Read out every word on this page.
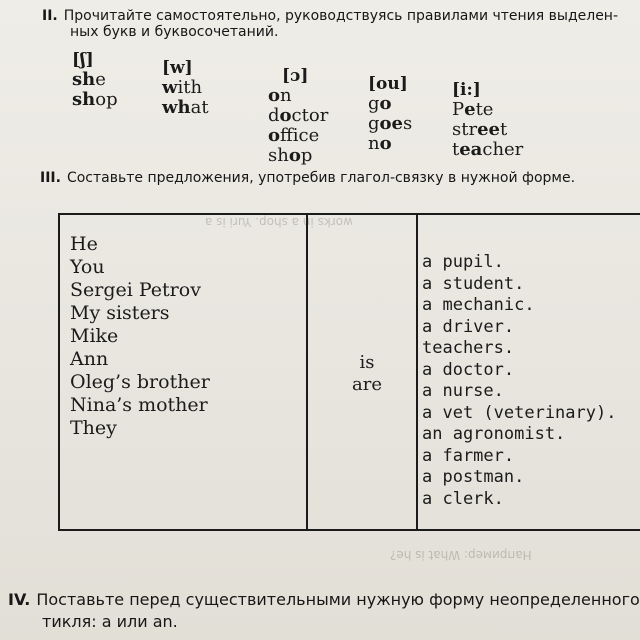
works in a shop. Yuri is a
Нaпример: What is he?
II. Прочитайте самостоятельно, руководствуясь правилами чтения выделен-
ных букв и буквосочетаний.
[ʃ]
she
shop
[w]
with
what
[ɔ]
on
doctor
office
shop
[ou]
go
goes
no
[i:]
Pete
street
teacher
III. Составьте предложения, употребив глагол-связку в нужной форме.
He
You
Sergei Petrov
My sisters
Mike
Ann
Oleg’s brother
Nina’s mother
They
is
are
a pupil.
a student.
a mechanic.
a driver.
teachers.
a doctor.
a nurse.
a vet (veterinary).
an agronomist.
a farmer.
a postman.
a clerk.
IV. Поставьте перед существительными нужную форму неопределенного
тикля: a или an.
